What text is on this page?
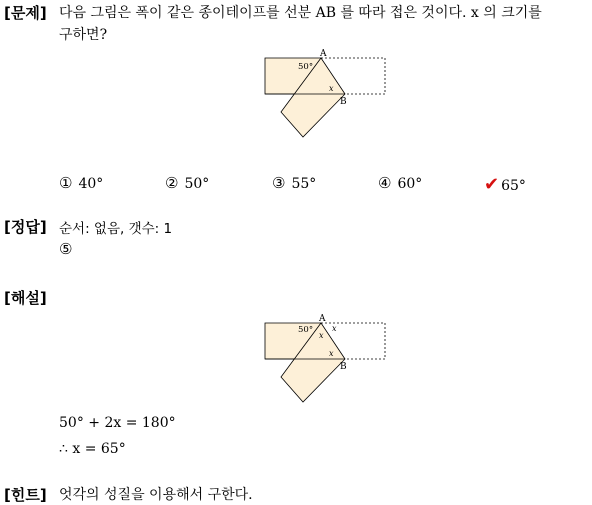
[문제] 다음 그림은 폭이 같은 종이테이프를 선분 AB 를 따라 접은 것이다. x 의 크기를
구하면?
A
B
50°
x
① 40°	② 50°	③ 55°	④ 60°	✔ 65°
[정답] 순서: 없음, 갯수: 1
⑤
[해설]
A
B
50° x
x
x
50° + 2x = 180°
∴ x = 65°
[힌트] 엇각의 성질을 이용해서 구한다.
